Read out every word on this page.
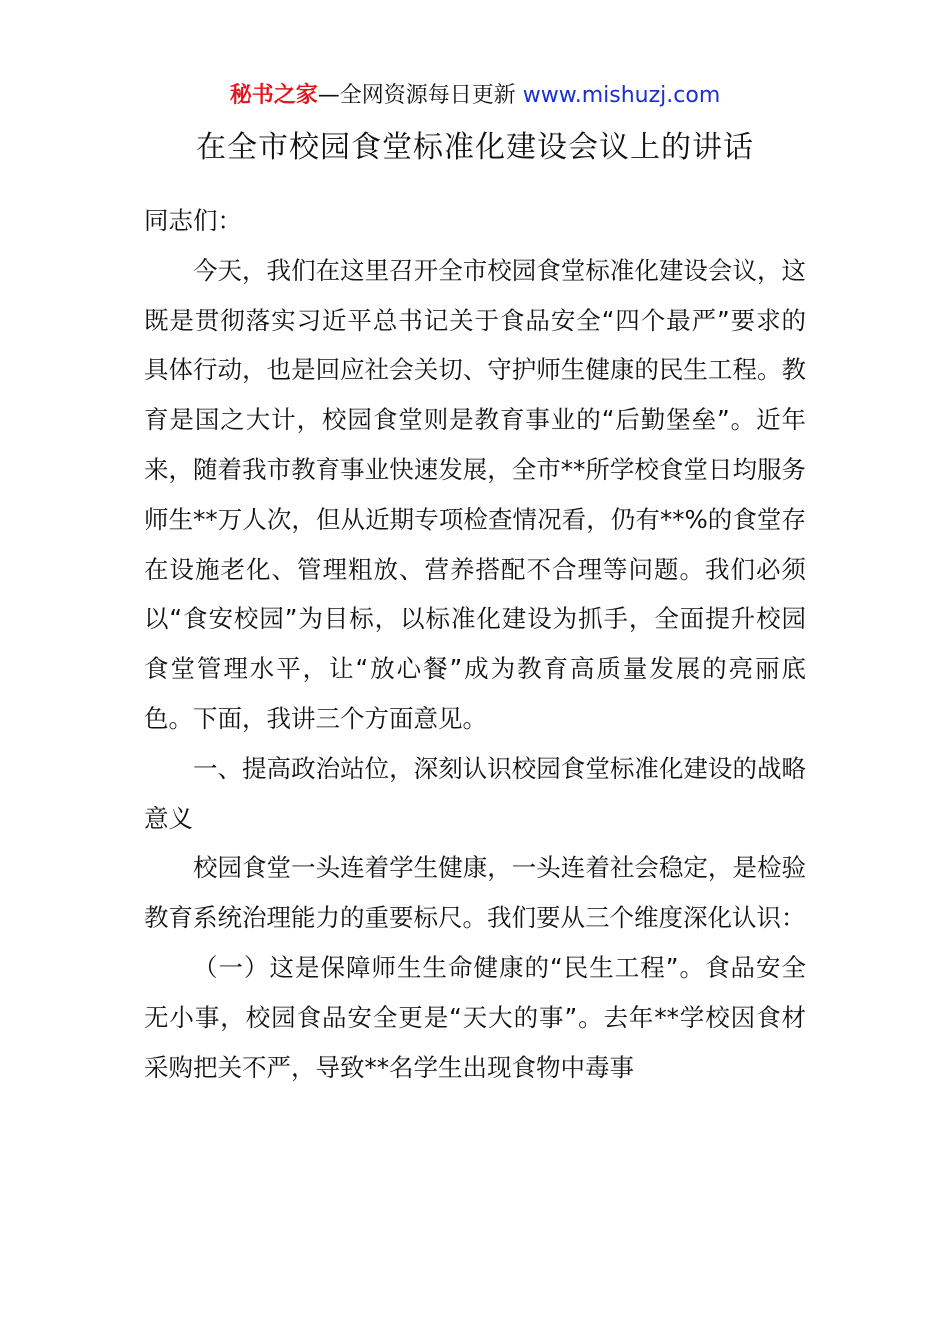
秘书之家—全网资源每日更新 www.mishuzj.com
在全市校园食堂标准化建设会议上的讲话

同志们：

今天，我们在这里召开全市校园食堂标准化建设会议，这既是贯彻落实习近平总书记关于食品安全“四个最严”要求的具体行动，也是回应社会关切、守护师生健康的民生工程。教育是国之大计，校园食堂则是教育事业的“后勤堡垒”。近年来，随着我市教育事业快速发展，全市**所学校食堂日均服务师生**万人次，但从近期专项检查情况看，仍有**%的食堂存在设施老化、管理粗放、营养搭配不合理等问题。我们必须以“食安校园”为目标，以标准化建设为抓手，全面提升校园食堂管理水平，让“放心餐”成为教育高质量发展的亮丽底色。下面，我讲三个方面意见。

一、提高政治站位，深刻认识校园食堂标准化建设的战略意义

校园食堂一头连着学生健康，一头连着社会稳定，是检验教育系统治理能力的重要标尺。我们要从三个维度深化认识：

（一）这是保障师生生命健康的“民生工程”。食品安全无小事，校园食品安全更是“天大的事”。去年**学校因食材采购把关不严，导致**名学生出现食物中毒事
